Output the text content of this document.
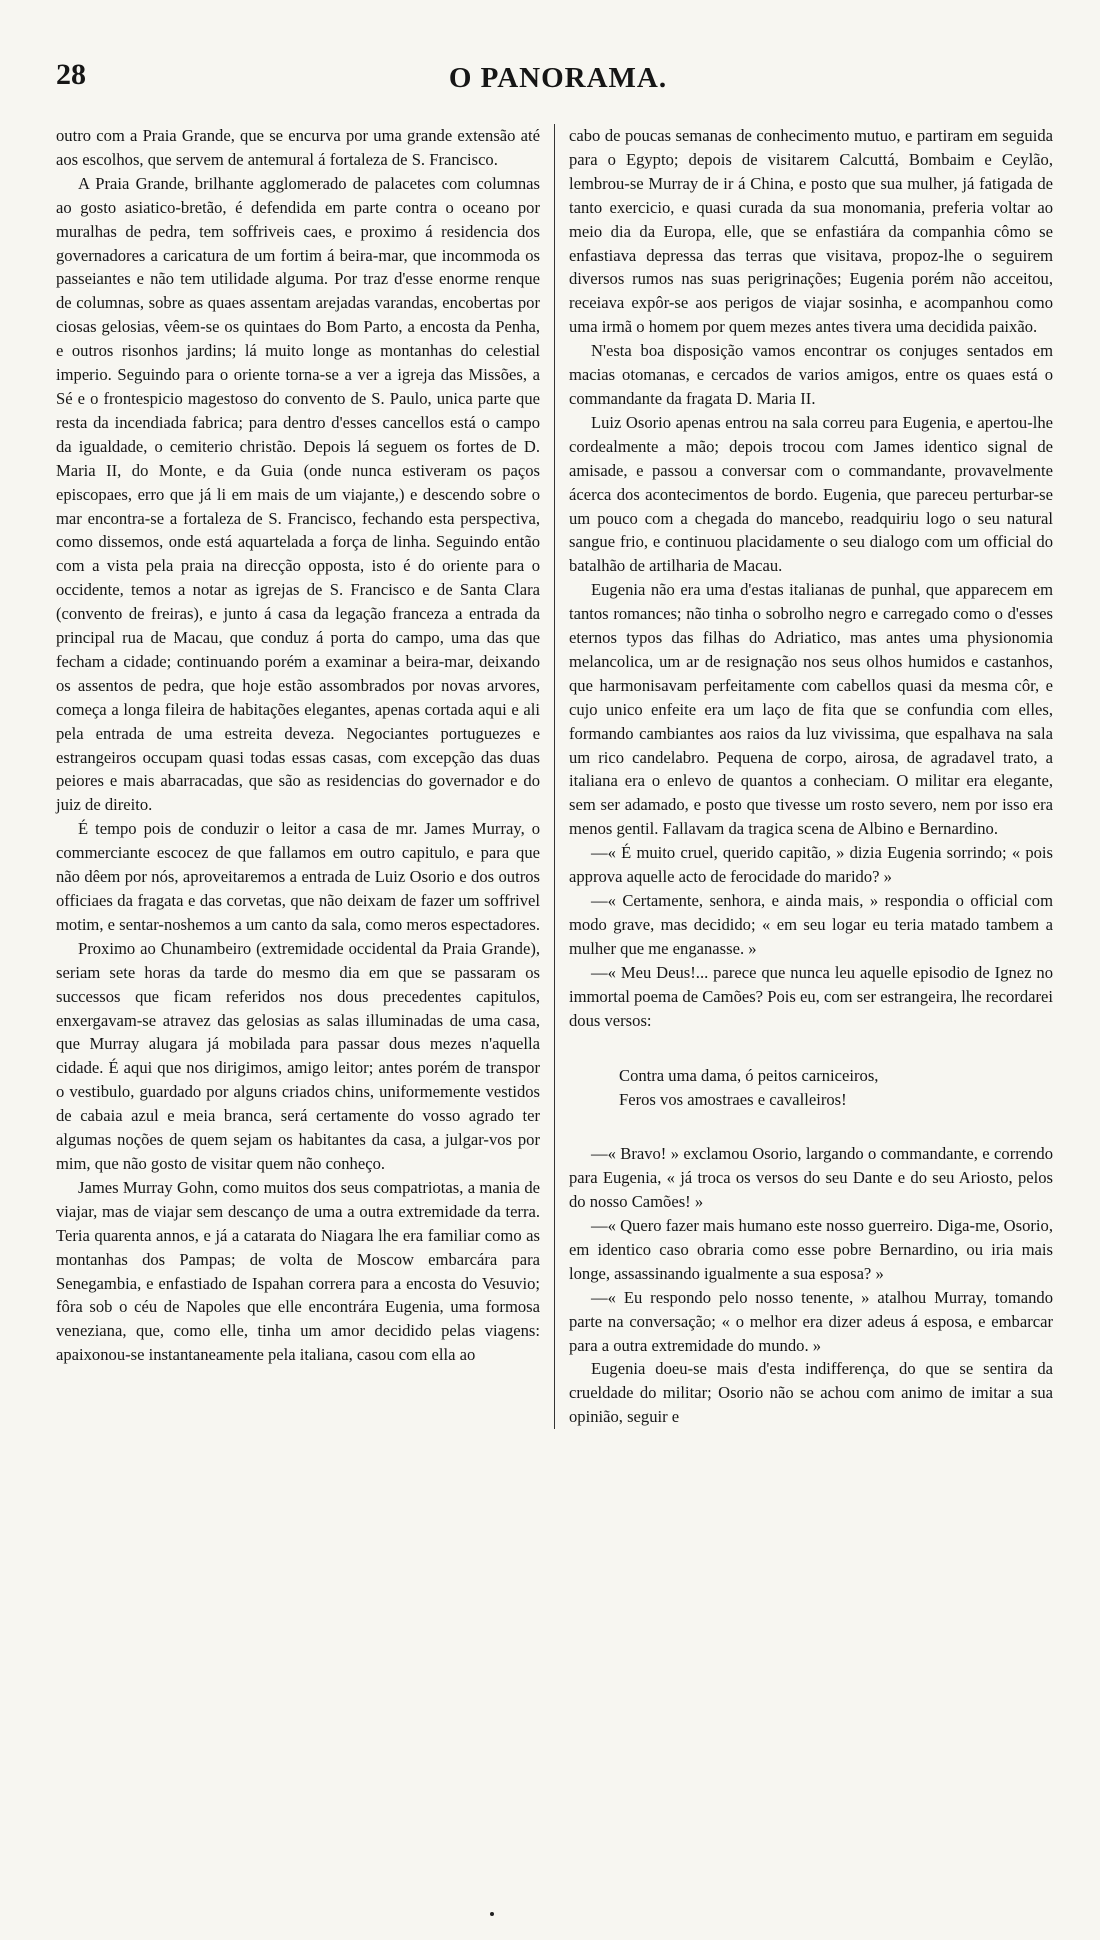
28	O PANORAMA.

outro com a Praia Grande, que se encurva por uma grande extensão até aos escolhos, que servem de antemural á fortaleza de S. Francisco.

A Praia Grande, brilhante agglomerado de palacetes com columnas ao gosto asiatico-bretão, é defendida em parte contra o oceano por muralhas de pedra, tem soffriveis caes, e proximo á residencia dos governadores a caricatura de um fortim á beira-mar, que incommoda os passeiantes e não tem utilidade alguma. Por traz d'esse enorme renque de columnas, sobre as quaes assentam arejadas varandas, encobertas por ciosas gelosias, vêem-se os quintaes do Bom Parto, a encosta da Penha, e outros risonhos jardins; lá muito longe as montanhas do celestial imperio. Seguindo para o oriente torna-se a ver a igreja das Missões, a Sé e o frontespicio magestoso do convento de S. Paulo, unica parte que resta da incendiada fabrica; para dentro d'esses cancellos está o campo da igualdade, o cemiterio christão. Depois lá seguem os fortes de D. Maria II, do Monte, e da Guia (onde nunca estiveram os paços episcopaes, erro que já li em mais de um viajante,) e descendo sobre o mar encontra-se a fortaleza de S. Francisco, fechando esta perspectiva, como dissemos, onde está aquartelada a força de linha. Seguindo então com a vista pela praia na direcção opposta, isto é do oriente para o occidente, temos a notar as igrejas de S. Francisco e de Santa Clara (convento de freiras), e junto á casa da legação franceza a entrada da principal rua de Macau, que conduz á porta do campo, uma das que fecham a cidade; continuando porém a examinar a beira-mar, deixando os assentos de pedra, que hoje estão assombrados por novas arvores, começa a longa fileira de habitações elegantes, apenas cortada aqui e ali pela entrada de uma estreita deveza. Negociantes portuguezes e estrangeiros occupam quasi todas essas casas, com excepção das duas peiores e mais abarracadas, que são as residencias do governador e do juiz de direito.

É tempo pois de conduzir o leitor a casa de mr. James Murray, o commerciante escocez de que fallamos em outro capitulo, e para que não dêem por nós, aproveitaremos a entrada de Luiz Osorio e dos outros officiaes da fragata e das corvetas, que não deixam de fazer um soffrivel motim, e sentar-noshemos a um canto da sala, como meros espectadores.

Proximo ao Chunambeiro (extremidade occidental da Praia Grande), seriam sete horas da tarde do mesmo dia em que se passaram os successos que ficam referidos nos dous precedentes capitulos, enxergavam-se atravez das gelosias as salas illuminadas de uma casa, que Murray alugara já mobilada para passar dous mezes n'aquella cidade. É aqui que nos dirigimos, amigo leitor; antes porém de transpor o vestibulo, guardado por alguns criados chins, uniformemente vestidos de cabaia azul e meia branca, será certamente do vosso agrado ter algumas noções de quem sejam os habitantes da casa, a julgar-vos por mim, que não gosto de visitar quem não conheço.

James Murray Gohn, como muitos dos seus compatriotas, a mania de viajar, mas de viajar sem descanço de uma a outra extremidade da terra. Teria quarenta annos, e já a catarata do Niagara lhe era familiar como as montanhas dos Pampas; de volta de Moscow embarcára para Senegambia, e enfastiado de Ispahan correra para a encosta do Vesuvio; fôra sob o céu de Napoles que elle encontrára Eugenia, uma formosa veneziana, que, como elle, tinha um amor decidido pelas viagens: apaixonou-se instantaneamente pela italiana, casou com ella ao

cabo de poucas semanas de conhecimento mutuo, e partiram em seguida para o Egypto; depois de visitarem Calcuttá, Bombaim e Ceylão, lembrou-se Murray de ir á China, e posto que sua mulher, já fatigada de tanto exercicio, e quasi curada da sua monomania, preferia voltar ao meio dia da Europa, elle, que se enfastiára da companhia cômo se enfastiava depressa das terras que visitava, propoz-lhe o seguirem diversos rumos nas suas perigrinações; Eugenia porém não acceitou, receiava expôr-se aos perigos de viajar sosinha, e acompanhou como uma irmã o homem por quem mezes antes tivera uma decidida paixão.

N'esta boa disposição vamos encontrar os conjuges sentados em macias otomanas, e cercados de varios amigos, entre os quaes está o commandante da fragata D. Maria II.

Luiz Osorio apenas entrou na sala correu para Eugenia, e apertou-lhe cordealmente a mão; depois trocou com James identico signal de amisade, e passou a conversar com o commandante, provavelmente ácerca dos acontecimentos de bordo. Eugenia, que pareceu perturbar-se um pouco com a chegada do mancebo, readquiriu logo o seu natural sangue frio, e continuou placidamente o seu dialogo com um official do batalhão de artilharia de Macau.

Eugenia não era uma d'estas italianas de punhal, que apparecem em tantos romances; não tinha o sobrolho negro e carregado como o d'esses eternos typos das filhas do Adriatico, mas antes uma physionomia melancolica, um ar de resignação nos seus olhos humidos e castanhos, que harmonisavam perfeitamente com cabellos quasi da mesma côr, e cujo unico enfeite era um laço de fita que se confundia com elles, formando cambiantes aos raios da luz vivissima, que espalhava na sala um rico candelabro. Pequena de corpo, airosa, de agradavel trato, a italiana era o enlevo de quantos a conheciam. O militar era elegante, sem ser adamado, e posto que tivesse um rosto severo, nem por isso era menos gentil. Fallavam da tragica scena de Albino e Bernardino.

—« É muito cruel, querido capitão, » dizia Eugenia sorrindo; « pois approva aquelle acto de ferocidade do marido? »

—« Certamente, senhora, e ainda mais, » respondia o official com modo grave, mas decidido; « em seu logar eu teria matado tambem a mulher que me enganasse. »

—« Meu Deus!... parece que nunca leu aquelle episodio de Ignez no immortal poema de Camões? Pois eu, com ser estrangeira, lhe recordarei dous versos:

Contra uma dama, ó peitos carniceiros,
Feros vos amostraes e cavalleiros!

—« Bravo! » exclamou Osorio, largando o commandante, e correndo para Eugenia, « já troca os versos do seu Dante e do seu Ariosto, pelos do nosso Camões! »

—« Quero fazer mais humano este nosso guerreiro. Diga-me, Osorio, em identico caso obraria como esse pobre Bernardino, ou iria mais longe, assassinando igualmente a sua esposa? »

—« Eu respondo pelo nosso tenente, » atalhou Murray, tomando parte na conversação; « o melhor era dizer adeus á esposa, e embarcar para a outra extremidade do mundo. »

Eugenia doeu-se mais d'esta indifferença, do que se sentira da crueldade do militar; Osorio não se achou com animo de imitar a sua opinião, seguir e
